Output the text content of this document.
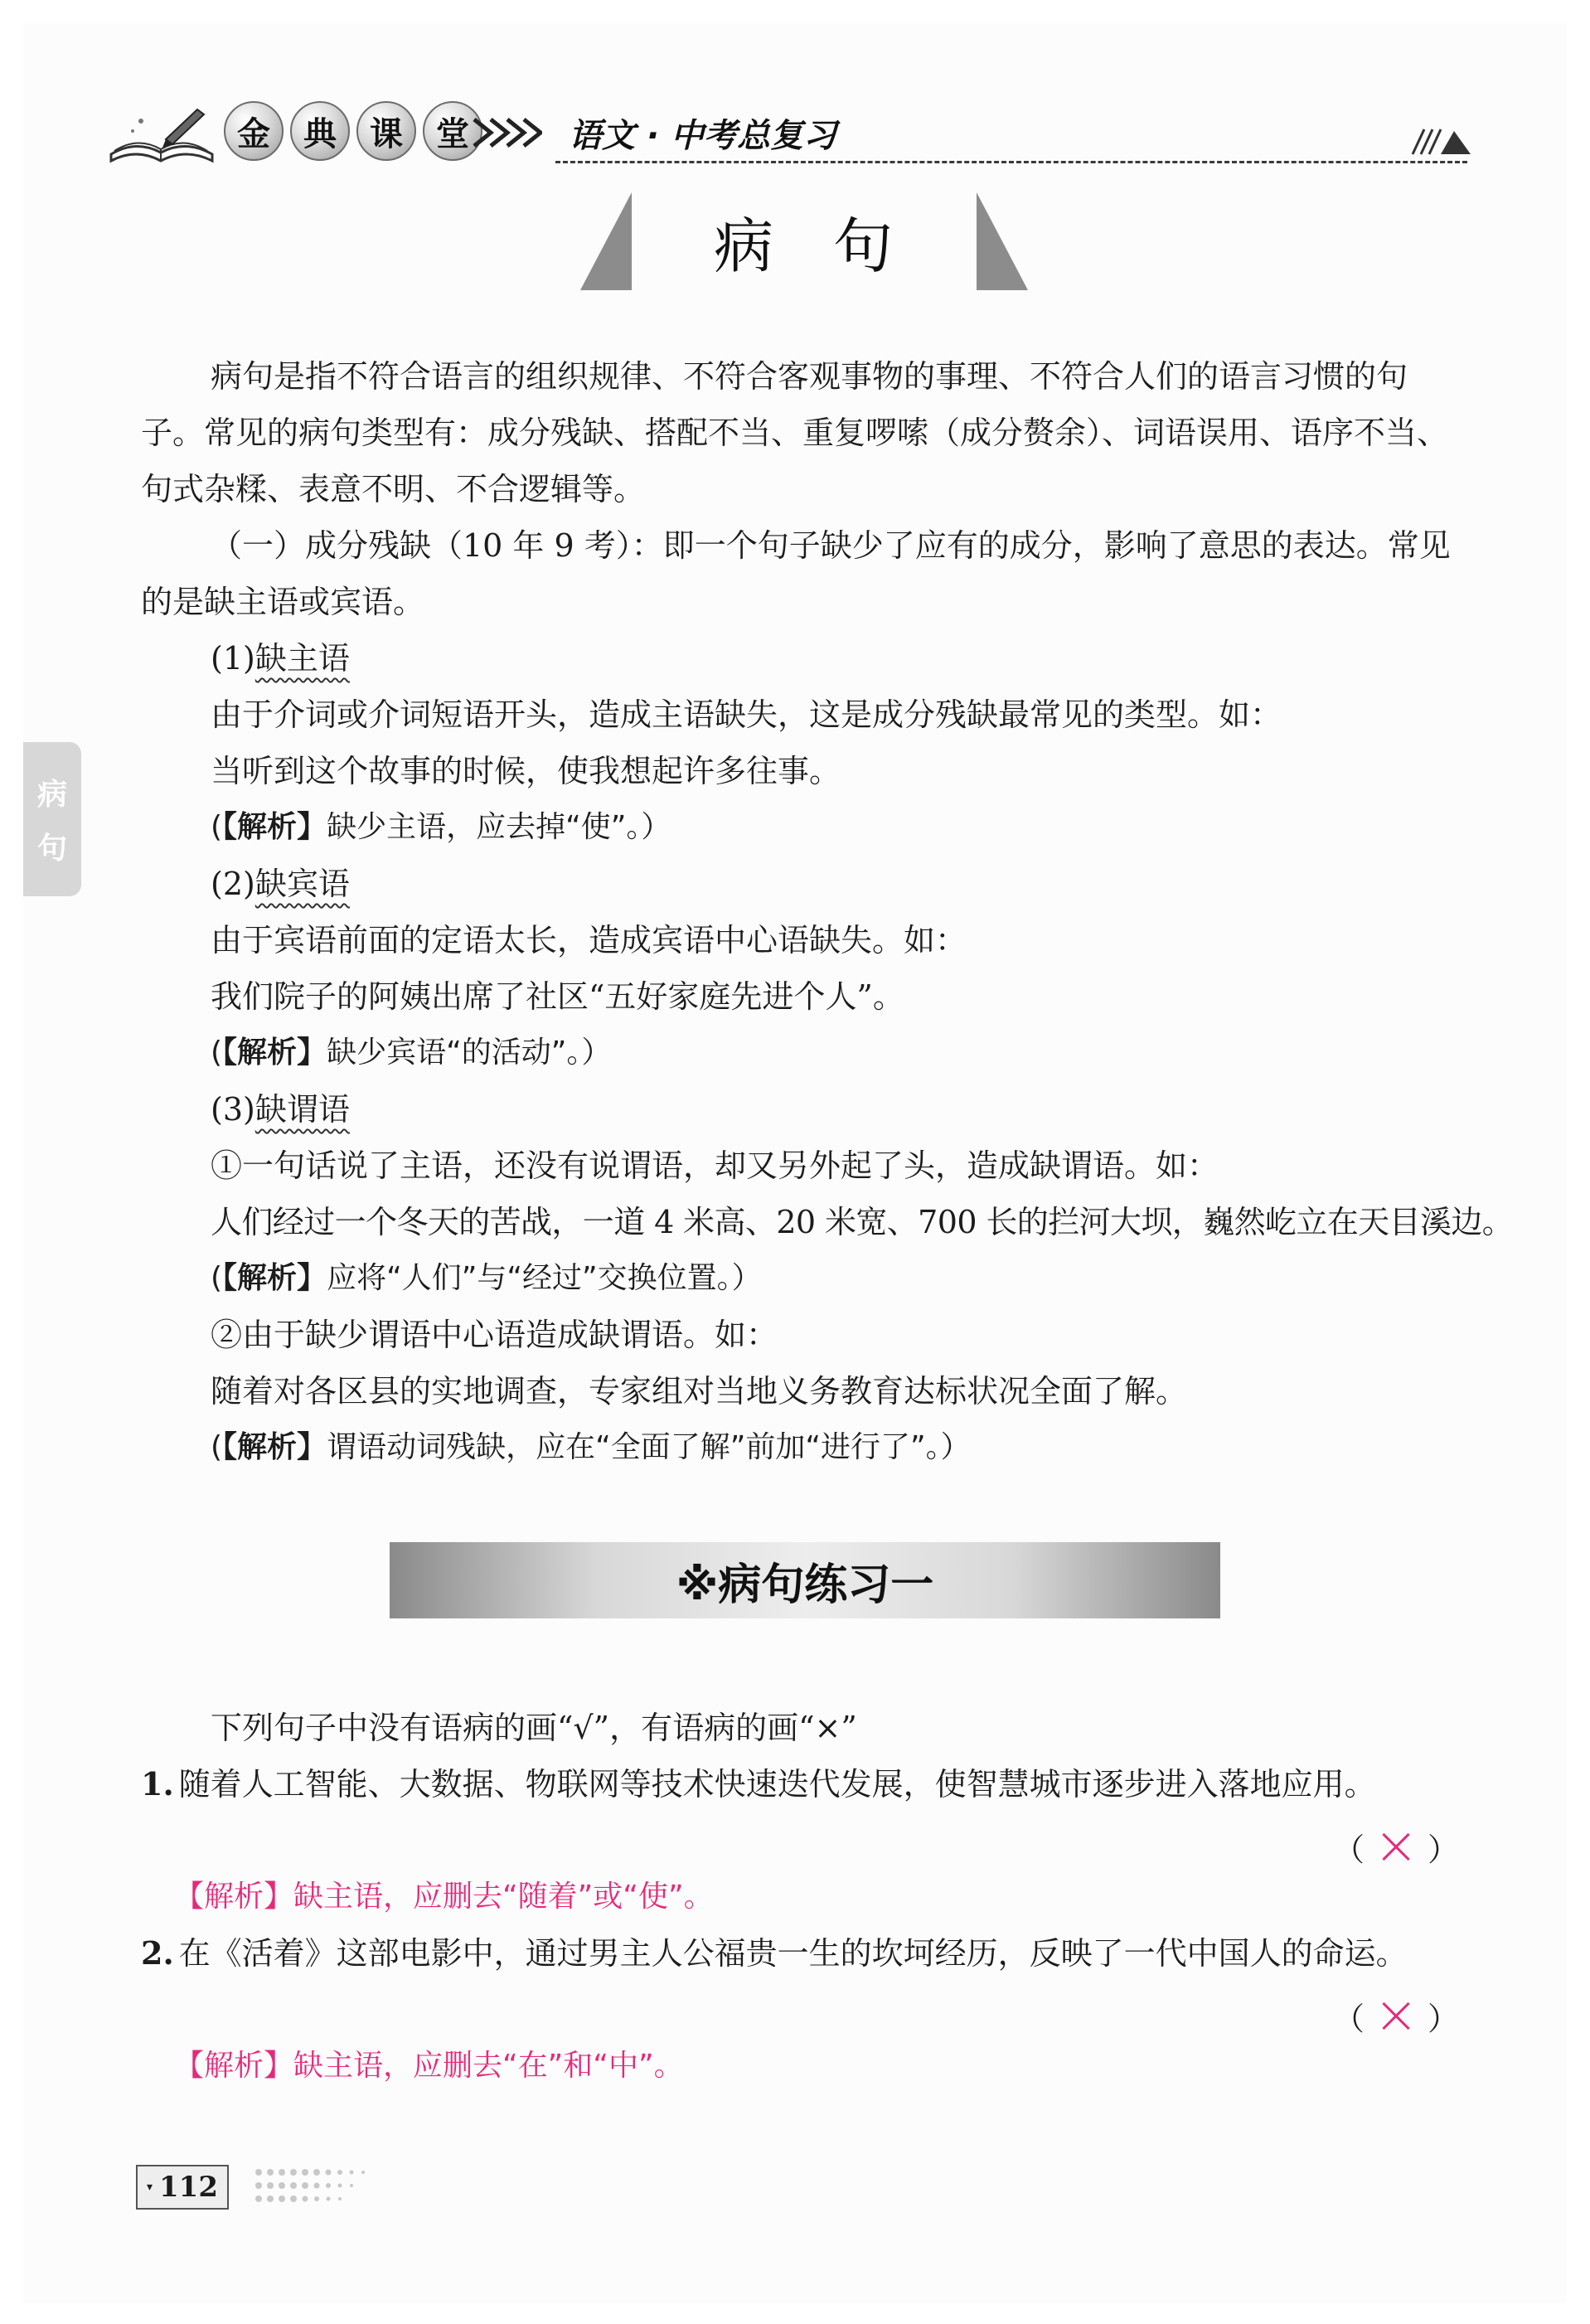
金	典	课	堂	语文 · 中考总复习
病 句
病
句

病句是指不符合语言的组织规律、不符合客观事物的事理、不符合人们的语言习惯的句子。常见的病句类型有：成分残缺、搭配不当、重复啰嗦（成分赘余）、词语误用、语序不当、句式杂糅、表意不明、不合逻辑等。

（一）成分残缺（10 年 9 考）：即一个句子缺少了应有的成分，影响了意思的表达。常见的是缺主语或宾语。

(1)缺主语
由于介词或介词短语开头，造成主语缺失，这是成分残缺最常见的类型。如：
当听到这个故事的时候，使我想起许多往事。
(【解析】缺少主语，应去掉“使”。）
(2)缺宾语
由于宾语前面的定语太长，造成宾语中心语缺失。如：
我们院子的阿姨出席了社区“五好家庭先进个人”。
(【解析】缺少宾语“的活动”。）
(3)缺谓语
①一句话说了主语，还没有说谓语，却又另外起了头，造成缺谓语。如：
人们经过一个冬天的苦战，一道 4 米高、20 米宽、700 长的拦河大坝，巍然屹立在天目溪边。
(【解析】应将“人们”与“经过”交换位置。）
②由于缺少谓语中心语造成缺谓语。如：
随着对各区县的实地调查，专家组对当地义务教育达标状况全面了解。
(【解析】谓语动词残缺，应在“全面了解”前加“进行了”。）
※病句练习一
下列句子中没有语病的画“√”，有语病的画“×”
1. 随着人工智能、大数据、物联网等技术快速迭代发展，使智慧城市逐步进入落地应用。
（ ）
【解析】缺主语，应删去“随着”或“使”。
2. 在《活着》这部电影中，通过男主人公福贵一生的坎坷经历，反映了一代中国人的命运。
（ ）
【解析】缺主语，应删去“在”和“中”。
▾ 112
